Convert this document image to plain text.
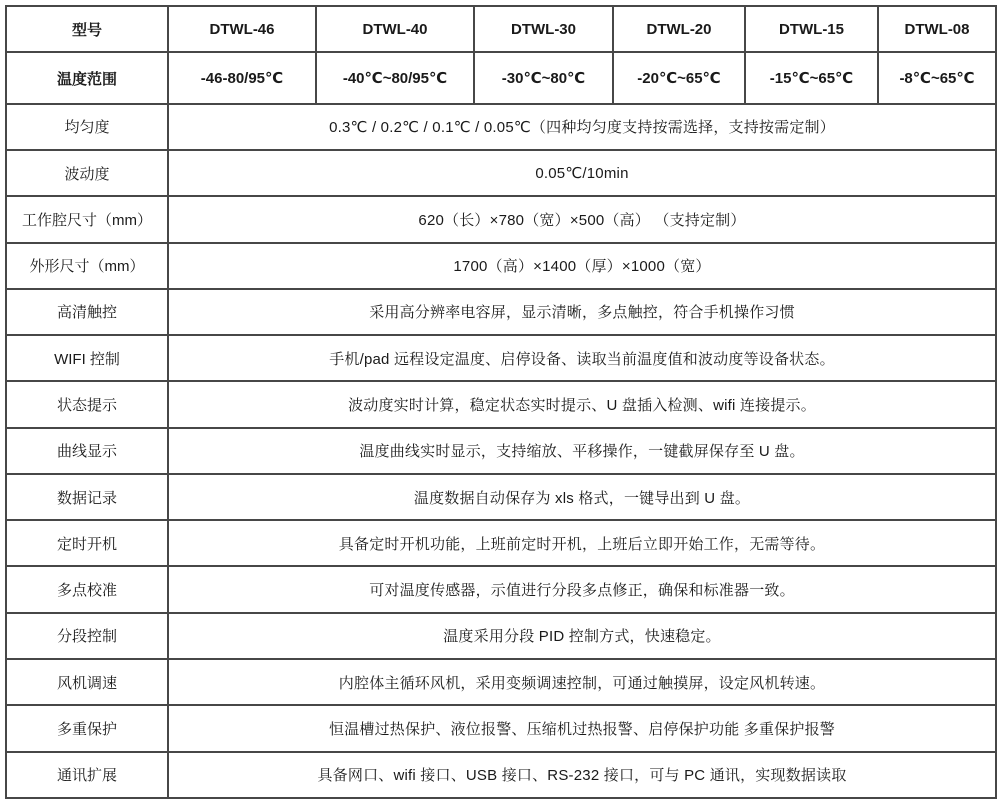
型号	DTWL-46	DTWL-40	DTWL-30	DTWL-20	DTWL-15	DTWL-08
温度范围	-46-80/95℃	-40℃~80/95℃	-30℃~80℃	-20℃~65℃	-15℃~65℃	-8℃~65℃
均匀度	0.3℃ / 0.2℃ / 0.1℃ / 0.05℃（四种均匀度支持按需选择，支持按需定制）					
波动度	0.05℃/10min					
工作腔尺寸（mm）	620（长）×780（宽）×500（高） （支持定制）					
外形尺寸（mm）	1700（高）×1400（厚）×1000（宽）					
高清触控	采用高分辨率电容屏，显示清晰，多点触控，符合手机操作习惯					
WIFI 控制	手机/pad 远程设定温度、启停设备、读取当前温度值和波动度等设备状态。					
状态提示	波动度实时计算，稳定状态实时提示、U 盘插入检测、wifi 连接提示。					
曲线显示	温度曲线实时显示，支持缩放、平移操作，一键截屏保存至 U 盘。					
数据记录	温度数据自动保存为 xls 格式，一键导出到 U 盘。					
定时开机	具备定时开机功能，上班前定时开机，上班后立即开始工作，无需等待。					
多点校准	可对温度传感器，示值进行分段多点修正，确保和标准器一致。					
分段控制	温度采用分段 PID 控制方式，快速稳定。					
风机调速	内腔体主循环风机，采用变频调速控制，可通过触摸屏，设定风机转速。					
多重保护	恒温槽过热保护、液位报警、压缩机过热报警、启停保护功能 多重保护报警					
通讯扩展	具备网口、wifi 接口、USB 接口、RS-232 接口，可与 PC 通讯，实现数据读取					
